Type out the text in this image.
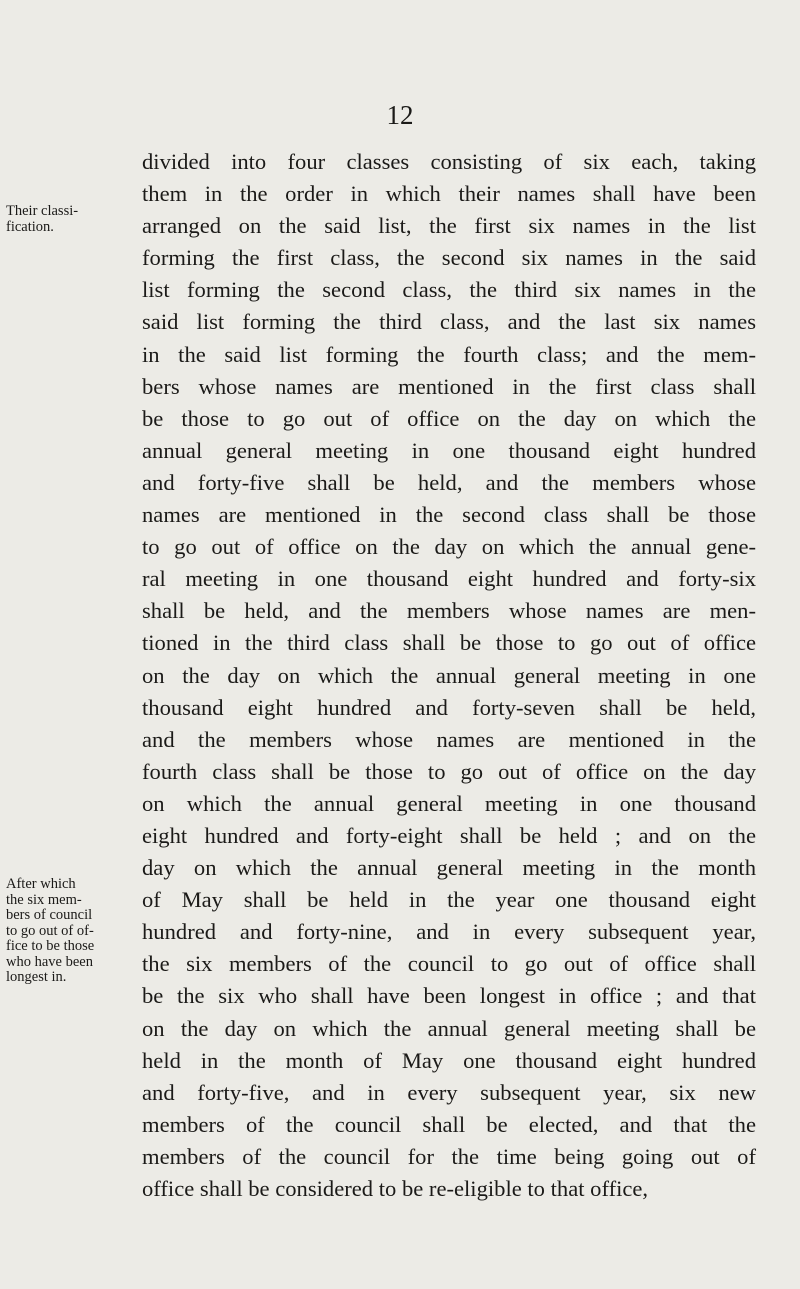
12
Their classi-
fication.
After which
the six mem-
bers of council
to go out of of-
fice to be those
who have been
longest in.
divided into four classes consisting of six each, taking
them in the order in which their names shall have been
arranged on the said list, the first six names in the list
forming the first class, the second six names in the said
list forming the second class, the third six names in the
said list forming the third class, and the last six names
in the said list forming the fourth class; and the mem-
bers whose names are mentioned in the first class shall
be those to go out of office on the day on which the
annual general meeting in one thousand eight hundred
and forty-five shall be held, and the members whose
names are mentioned in the second class shall be those
to go out of office on the day on which the annual gene-
ral meeting in one thousand eight hundred and forty-six
shall be held, and the members whose names are men-
tioned in the third class shall be those to go out of office
on the day on which the annual general meeting in one
thousand eight hundred and forty-seven shall be held,
and the members whose names are mentioned in the
fourth class shall be those to go out of office on the day
on which the annual general meeting in one thousand
eight hundred and forty-eight shall be held ; and on the
day on which the annual general meeting in the month
of May shall be held in the year one thousand eight
hundred and forty-nine, and in every subsequent year,
the six members of the council to go out of office shall
be the six who shall have been longest in office ; and that
on the day on which the annual general meeting shall be
held in the month of May one thousand eight hundred
and forty-five, and in every subsequent year, six new
members of the council shall be elected, and that the
members of the council for the time being going out of
office shall be considered to be re-eligible to that office,
